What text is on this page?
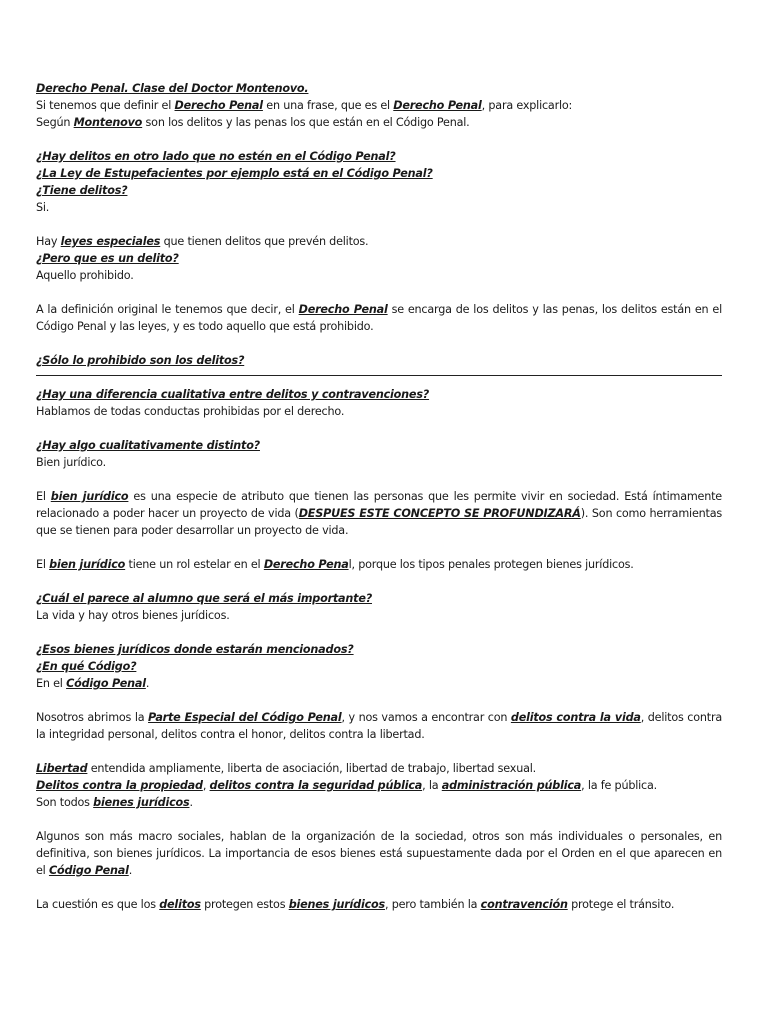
Derecho Penal. Clase del Doctor Montenovo.

Si tenemos que definir el Derecho Penal en una frase, que es el Derecho Penal, para explicarlo:

Según Montenovo son los delitos y las penas los que están en el Código Penal.

¿Hay delitos en otro lado que no estén en el Código Penal?

¿La Ley de Estupefacientes por ejemplo está en el Código Penal?

¿Tiene delitos?

Si.

Hay leyes especiales que tienen delitos que prevén delitos.

¿Pero que es un delito?

Aquello prohibido.

A la definición original le tenemos que decir, el Derecho Penal se encarga de los delitos y las penas, los delitos están en el Código Penal y las leyes, y es todo aquello que está prohibido.

¿Sólo lo prohibido son los delitos?

¿Hay una diferencia cualitativa entre delitos y contravenciones?

Hablamos de todas conductas prohibidas por el derecho.

¿Hay algo cualitativamente distinto?

Bien jurídico.

El bien jurídico es una especie de atributo que tienen las personas que les permite vivir en sociedad. Está íntimamente relacionado a poder hacer un proyecto de vida (DESPUES ESTE CONCEPTO SE PROFUNDIZARÁ). Son como herramientas que se tienen para poder desarrollar un proyecto de vida.

El bien jurídico tiene un rol estelar en el Derecho Penal, porque los tipos penales protegen bienes jurídicos.

¿Cuál el parece al alumno que será el más importante?

La vida y hay otros bienes jurídicos.

¿Esos bienes jurídicos donde estarán mencionados?

¿En qué Código?

En el Código Penal.

Nosotros abrimos la Parte Especial del Código Penal, y nos vamos a encontrar con delitos contra la vida, delitos contra la integridad personal, delitos contra el honor, delitos contra la libertad.

Libertad entendida ampliamente, liberta de asociación, libertad de trabajo, libertad sexual.

Delitos contra la propiedad, delitos contra la seguridad pública, la administración pública, la fe pública.

Son todos bienes jurídicos.

Algunos son más macro sociales, hablan de la organización de la sociedad, otros son más individuales o personales, en definitiva, son bienes jurídicos. La importancia de esos bienes está supuestamente dada por el Orden en el que aparecen en el Código Penal.

La cuestión es que los delitos protegen estos bienes jurídicos, pero también la contravención protege el tránsito.
